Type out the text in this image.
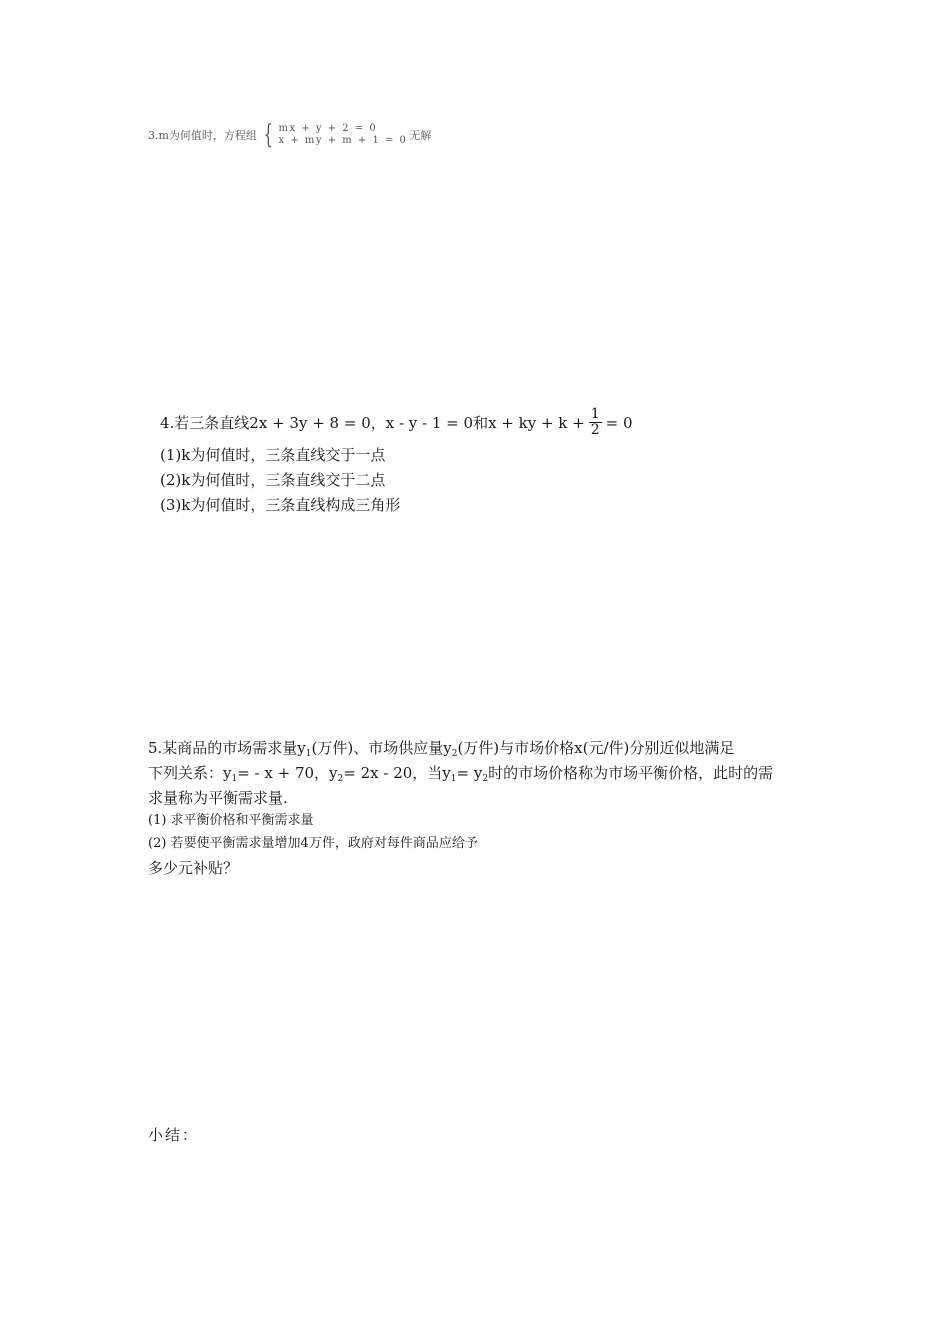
3.m为何值时，方程组 { mx + y + 2 = 0
x + my + m + 1 = 0 无解
4.若三条直线2x + 3y + 8 = 0，x - y - 1 = 0和x + ky + $k + \frac{1}{2} = 0$
(1)k为何值时，三条直线交于一点
(2)k为何值时，三条直线交于二点
(3)k为何值时，三条直线构成三角形
5.某商品的市场需求量$y_1$(万件)、市场供应量$y_2$(万件)与市场价格x(元/件)分别近似地满足
下列关系：$y_1= - x + 70$，$y_2= 2x - 20$，当$y_1= y_2$时的市场价格称为市场平衡价格，此时的需
求量称为平衡需求量.
(1) 求平衡价格和平衡需求量
(2) 若要使平衡需求量增加4万件，政府对每件商品应给予
多少元补贴？
小结：
